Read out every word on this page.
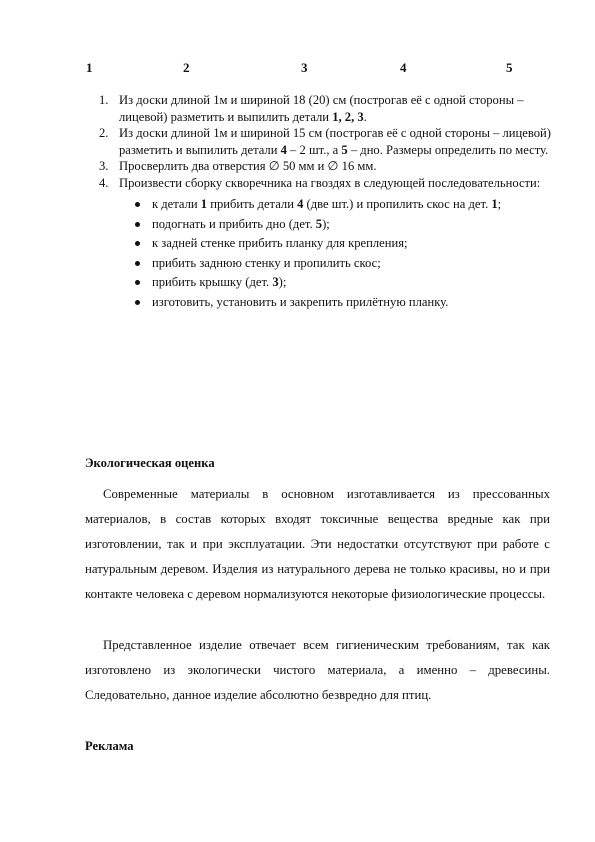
1	2	3	4	5

1. Из доски длиной 1м и шириной 18 (20) см (построгав её с одной стороны – лицевой) разметить и выпилить детали 1, 2, 3.

2. Из доски длиной 1м и шириной 15 см (построгав её с одной стороны – лицевой) разметить и выпилить детали 4 – 2 шт., а 5 – дно. Размеры определить по месту.

3. Просверлить два отверстия ∅ 50 мм и ∅ 16 мм.

4. Произвести сборку скворечника на гвоздях в следующей последовательности:

к детали 1 прибить детали 4 (две шт.) и пропилить скос на дет. 1;
подогнать и прибить дно (дет. 5);
к задней стенке прибить планку для крепления;
прибить заднюю стенку и пропилить скос;
прибить крышку (дет. 3);
изготовить, установить и закрепить прилётную планку.
Экологическая оценка
Современные материалы в основном изготавливается из прессованных материалов, в состав которых входят токсичные вещества вредные как при изготовлении, так и при эксплуатации. Эти недостатки отсутствуют при работе с натуральным деревом. Изделия из натурального дерева не только красивы, но и при контакте человека с деревом нормализуются некоторые физиологические процессы.
Представленное изделие отвечает всем гигиеническим требованиям, так как изготовлено из экологически чистого материала, а именно – древесины. Следовательно, данное изделие абсолютно безвредно для птиц.
Реклама
